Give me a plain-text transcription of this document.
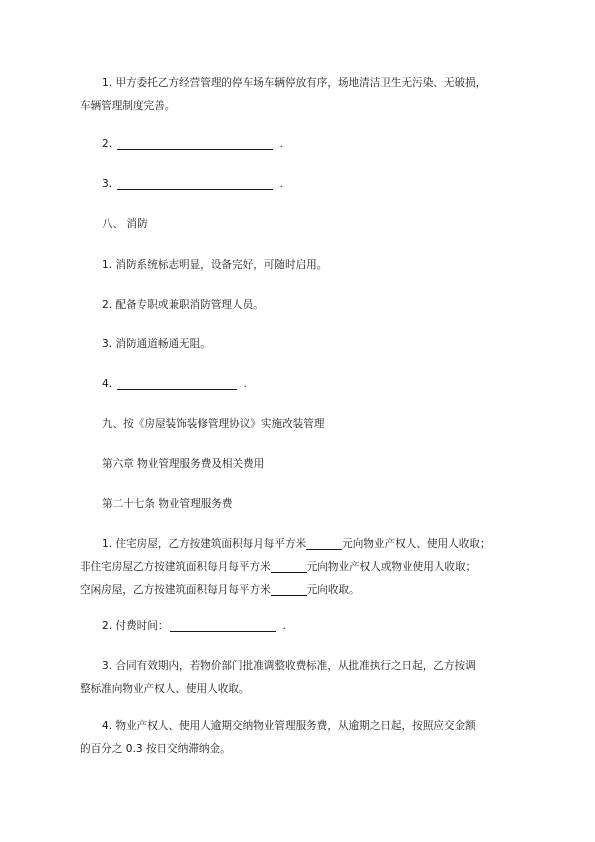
1. 甲方委托乙方经营管理的停车场车辆停放有序，场地清洁卫生无污染、无破损，

车辆管理制度完善。

2.	.

3.	.

八、 消防

1. 消防系统标志明显，设备完好，可随时启用。

2. 配备专职或兼职消防管理人员。

3. 消防通道畅通无阻。

4.	.

九、按《房屋装饰装修管理协议》实施改装管理

第六章 物业管理服务费及相关费用

第二十七条 物业管理服务费

1. 住宅房屋，乙方按建筑面积每月每平方米	元向物业产权人、使用人收取；

非住宅房屋乙方按建筑面积每月每平方米	元向物业产权人或物业使用人收取；

空闲房屋，乙方按建筑面积每月每平方米	元向收取。

2. 付费时间：	.

3. 合同有效期内，若物价部门批准调整收费标准，从批准执行之日起，乙方按调

整标准向物业产权人、使用人收取。

4. 物业产权人、使用人逾期交纳物业管理服务费，从逾期之日起，按照应交金额

的百分之 0.3 按日交纳滞纳金。
